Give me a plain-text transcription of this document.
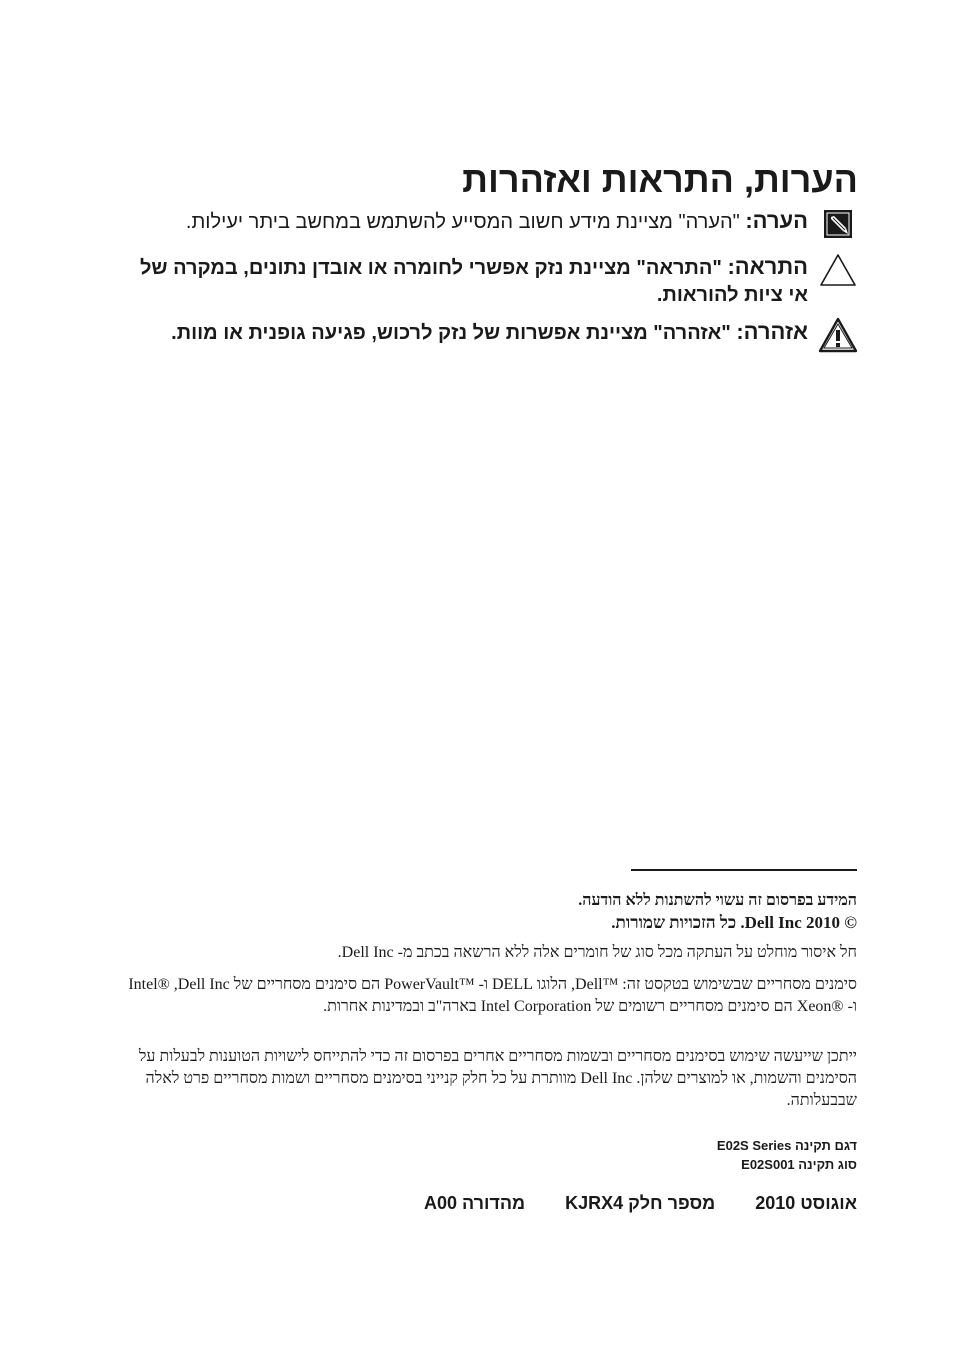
הערות, התראות ואזהרות
הערה: "הערה" מציינת מידע חשוב המסייע להשתמש במחשב ביתר יעילות.
התראה: "התראה" מציינת נזק אפשרי לחומרה או אובדן נתונים, במקרה של אי ציות להוראות.
אזהרה: "אזהרה" מציינת אפשרות של נזק לרכוש, פגיעה גופנית או מוות.
המידע בפרסום זה עשוי להשתנות ללא הודעה.
‏© 2010 Dell Inc. כל הזכויות שמורות.
חל איסור מוחלט על העתקה מכל סוג של חומרים אלה ללא הרשאה בכתב מ- ‎Dell Inc.
סימנים מסחריים שבשימוש בטקסט זה: ™Dell, הלוגו DELL ו- ™PowerVault הם סימנים מסחריים של Dell Inc‏, ®Intel ו- ®Xeon הם סימנים מסחריים רשומים של Intel Corporation בארה"ב ובמדינות אחרות.
ייתכן שייעשה שימוש בסימנים מסחריים ובשמות מסחריים אחרים בפרסום זה כדי להתייחס לישויות הטוענות לבעלות על הסימנים והשמות, או למוצרים שלהן. Dell Inc מוותרת על כל חלק קנייני בסימנים מסחריים ושמות מסחריים פרט לאלה שבבעלותה.
דגם תקינה E02S Series
סוג תקינה E02S001
אוגוסט 2010
מספר חלק KJRX4
מהדורה A00
